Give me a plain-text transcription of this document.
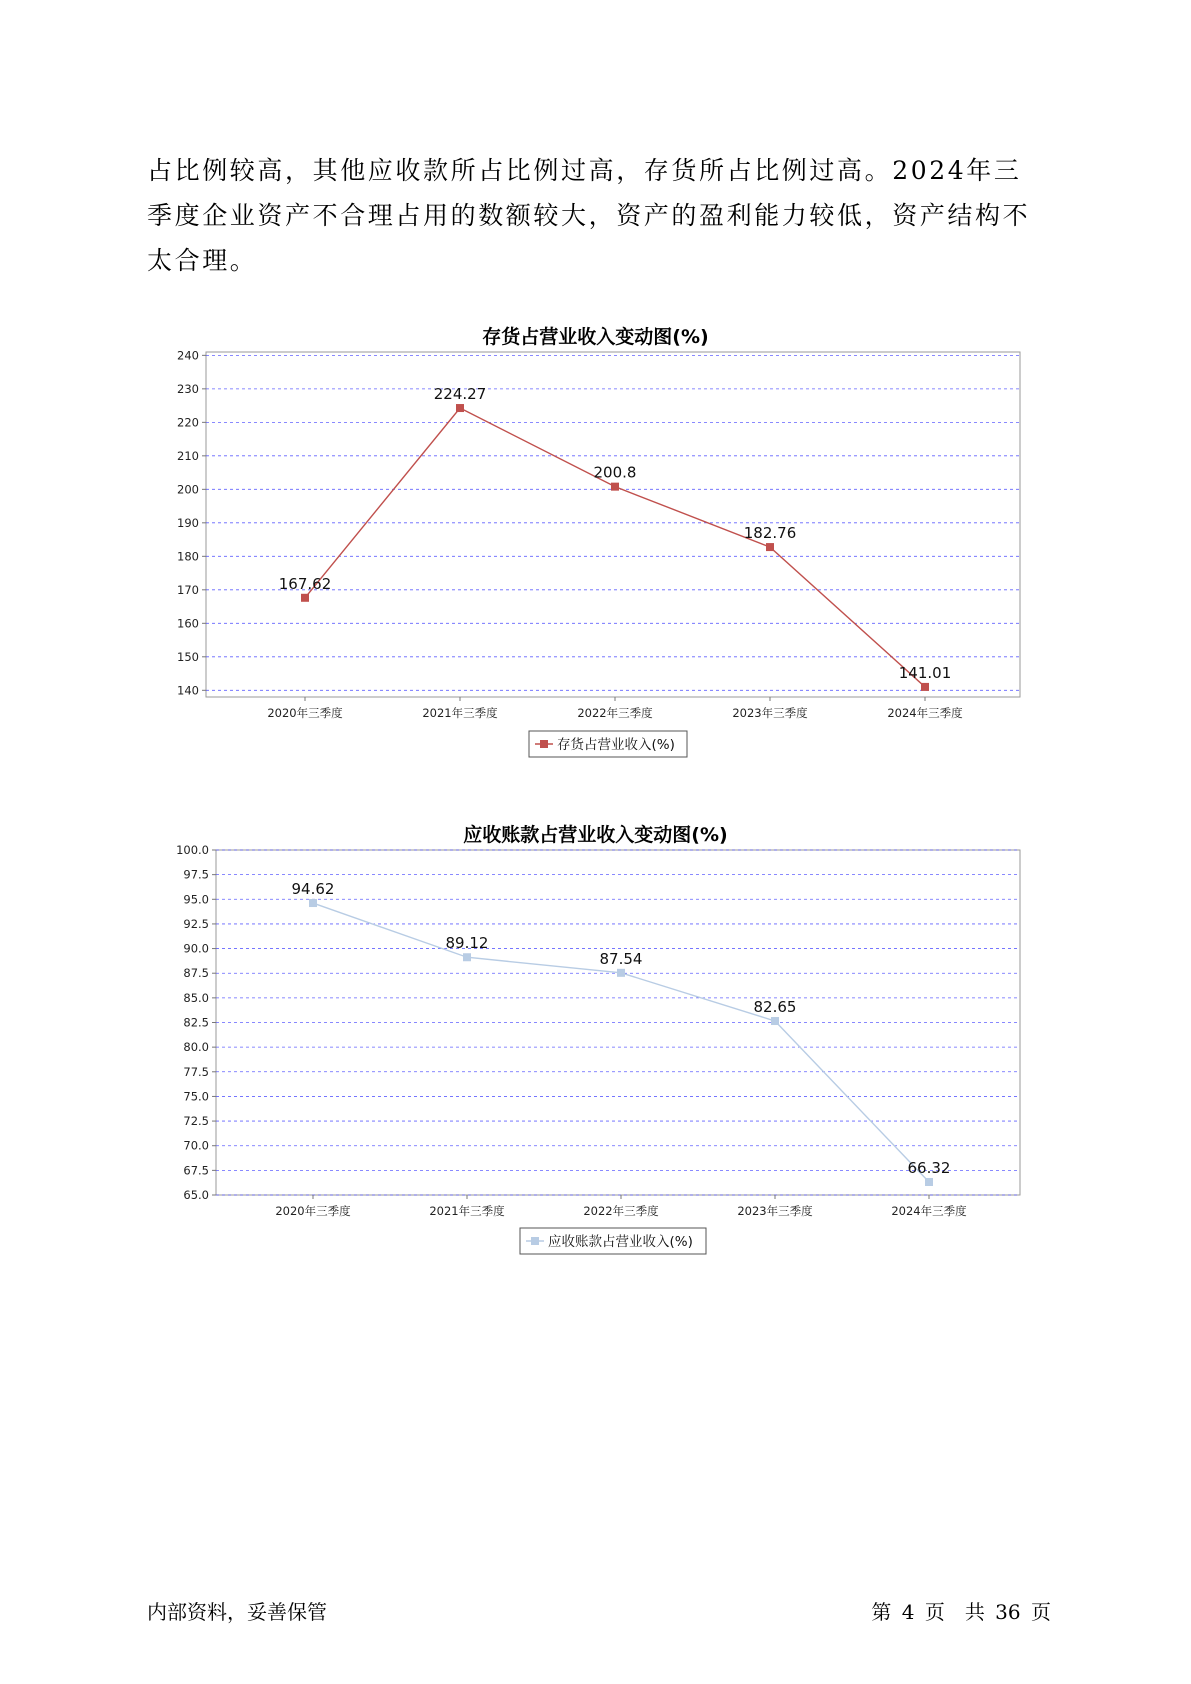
占比例较高，其他应收款所占比例过高，存货所占比例过高。2024年三季度企业资产不合理占用的数额较大，资产的盈利能力较低，资产结构不太合理。

存货占营业收入变动图(%)
140
150
160
170
180
190
200
210
220
230
240
2020年三季度	2021年三季度	2022年三季度	2023年三季度	2024年三季度
167.62
224.27
200.8
182.76
141.01
存货占营业收入(%)
应收账款占营业收入变动图(%)
65.0
67.5
70.0
72.5
75.0
77.5
80.0
82.5
85.0
87.5
90.0
92.5
95.0
97.5
100.0
2020年三季度	2021年三季度	2022年三季度	2023年三季度	2024年三季度
94.62
89.12
87.54
82.65
66.32
应收账款占营业收入(%)
内部资料，妥善保管	第 4 页　共 36 页
